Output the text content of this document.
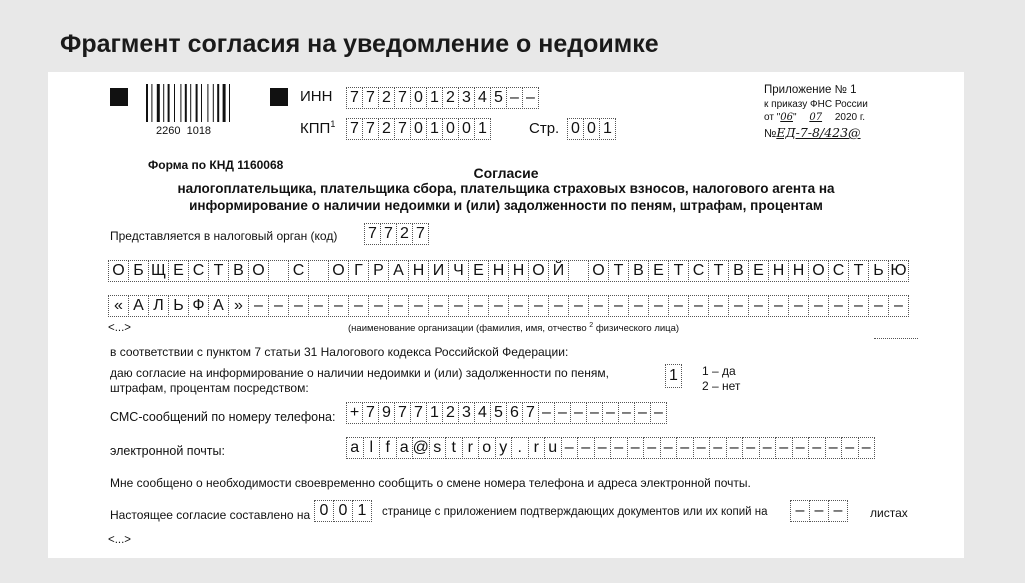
Фрагмент согласия на уведомление о недоимке
2260  1018
ИНН 7 7 2 7 0 1 2 3 4 5 – –
КПП$^1$ 7 7 2 7 0 1 0 0 1	Стр. 0 0 1
Приложение № 1
к приказу ФНС России
от "06" 07 2020 г.
№ЕД-7-8/423@
Форма по КНД 1160068	Согласие
налогоплательщика, плательщика сбора, плательщика страховых взносов, налогового агента на
информирование о наличии недоимки и (или) задолженности по пеням, штрафам, процентам
Представляется в налоговый орган (код) 7 7 2 7
О Б Щ Е С Т В О С О Г Р А Н И Ч Е Н Н О Й О Т В Е Т С Т В Е Н Н О С Т Ь Ю
« А Л Ь Ф А » – – – – – – – – – – – – – – – – – – – – – – – – – – – – – – – – –
<...>	(наименование организации (фамилия, имя, отчество $^2$ физического лица)
в соответствии с пунктом 7 статьи 31 Налогового кодекса Российской Федерации:
даю согласие на информирование о наличии недоимки и (или) задолженности по пеням,
штрафам, процентам посредством:
1	1 – да
2 – нет
СМС-сообщений по номеру телефона: + 7 9 7 7 1 2 3 4 5 6 7 – – – – – – – –
электронной почты:	a l f a @ s t r o y . r u – – – – – – – – – – – – – – – – – – –
Мне сообщено о необходимости своевременно сообщить о смене номера телефона и адреса электронной почты.
Настоящее согласие составлено на 0 0 1	странице с приложением подтверждающих документов или их копий на	– – –	листах
<...>
